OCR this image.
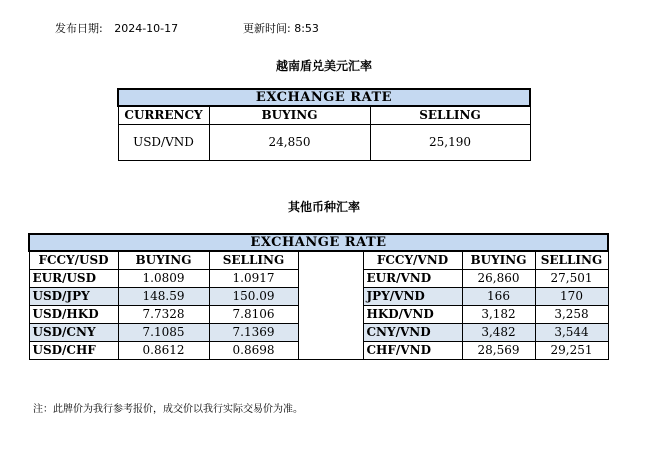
发布日期: 2024-10-17	更新时间: 8:53
越南盾兑美元汇率
EXCHANGE RATE		
CURRENCY	BUYING	SELLING
USD/VND	24,850	25,190
其他币种汇率
EXCHANGE RATE						
FCCY/USD	BUYING	SELLING		FCCY/VND	BUYING	SELLING
EUR/USD	1.0809	1.0917		EUR/VND	26,860	27,501
USD/JPY	148.59	150.09		JPY/VND	166	170
USD/HKD	7.7328	7.8106		HKD/VND	3,182	3,258
USD/CNY	7.1085	7.1369		CNY/VND	3,482	3,544
USD/CHF	0.8612	0.8698		CHF/VND	28,569	29,251
注：此牌价为我行参考报价，成交价以我行实际交易价为准。
